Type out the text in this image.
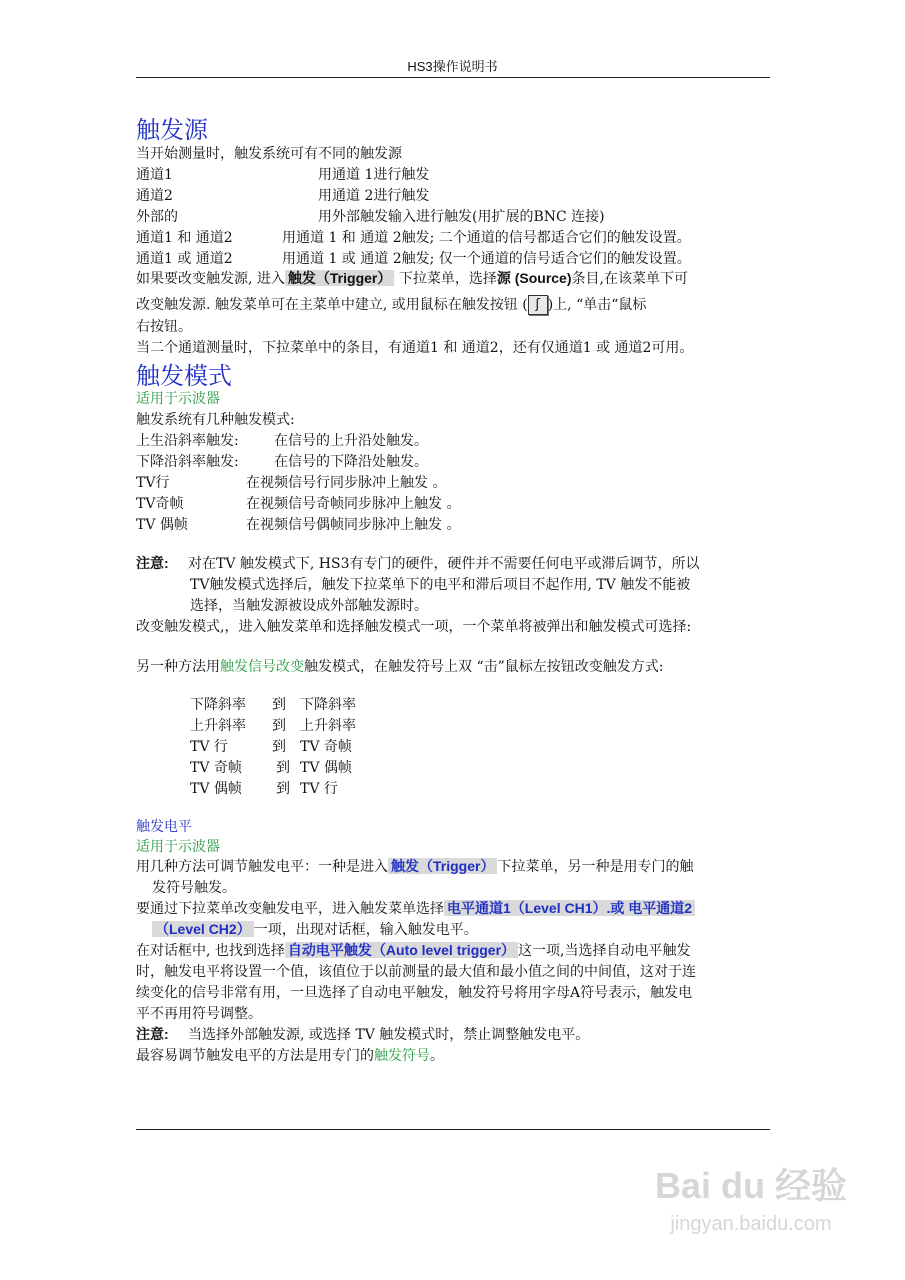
HS3操作说明书
触发源
当开始测量时，触发系统可有不同的触发源
通道1	用通道 1进行触发
通道2	用通道 2进行触发
外部的	用外部触发输入进行触发(用扩展的BNC 连接)
通道1 和 通道2	用通道 1 和 通道 2触发; 二个通道的信号都适合它们的触发设置。
通道1 或 通道2	用通道 1 或 通道 2触发; 仅一个通道的信号适合它们的触发设置。
如果要改变触发源, 进入 触发（Trigger） 下拉菜单，选择源 (Source)条目,在该菜单下可
改变触发源. 触发菜单可在主菜单中建立, 或用鼠标在触发按钮 ( ʃ )上, “单击“鼠标
右按钮。
当二个通道测量时，下拉菜单中的条目，有通道1 和 通道2，还有仅通道1 或 通道2可用。
触发模式
适用于示波器
触发系统有几种触发模式:
上生沿斜率触发:	在信号的上升沿处触发。
下降沿斜率触发:	在信号的下降沿处触发。
TV行	在视频信号行同步脉冲上触发 。
TV奇帧	在视频信号奇帧同步脉冲上触发 。
TV 偶帧	在视频信号偶帧同步脉冲上触发 。
注意: 对在TV 触发模式下, HS3有专门的硬件，硬件并不需要任何电平或滞后调节，所以
TV触发模式选择后，触发下拉菜单下的电平和滞后项目不起作用, TV 触发不能被
选择，当触发源被设成外部触发源时。
改变触发模式,，进入触发菜单和选择触发模式一项，一个菜单将被弹出和触发模式可选择:
另一种方法用触发信号改变触发模式，在触发符号上双 “击”鼠标左按钮改变触发方式:
下降斜率 到 下降斜率
上升斜率 到 上升斜率
TV 行	到 TV 奇帧
TV 奇帧 到 TV 偶帧
TV 偶帧 到 TV 行
触发电平
适用于示波器
用几种方法可调节触发电平：一种是进入 触发（Trigger） 下拉菜单，另一种是用专门的触
发符号触发。
要通过下拉菜单改变触发电平，进入触发菜单选择 电平通道1（Level CH1）.或 电平通道2
（Level CH2） 一项，出现对话框，输入触发电平。
在对话框中, 也找到选择 自动电平触发（Auto level trigger） 这一项,当选择自动电平触发
时，触发电平将设置一个值，该值位于以前测量的最大值和最小值之间的中间值，这对于连
续变化的信号非常有用，一旦选择了自动电平触发，触发符号将用字母A符号表示，触发电
平不再用符号调整。
注意: 当选择外部触发源, 或选择 TV 触发模式时，禁止调整触发电平。
最容易调节触发电平的方法是用专门的触发符号。
Bai du 经验
jingyan.baidu.com
